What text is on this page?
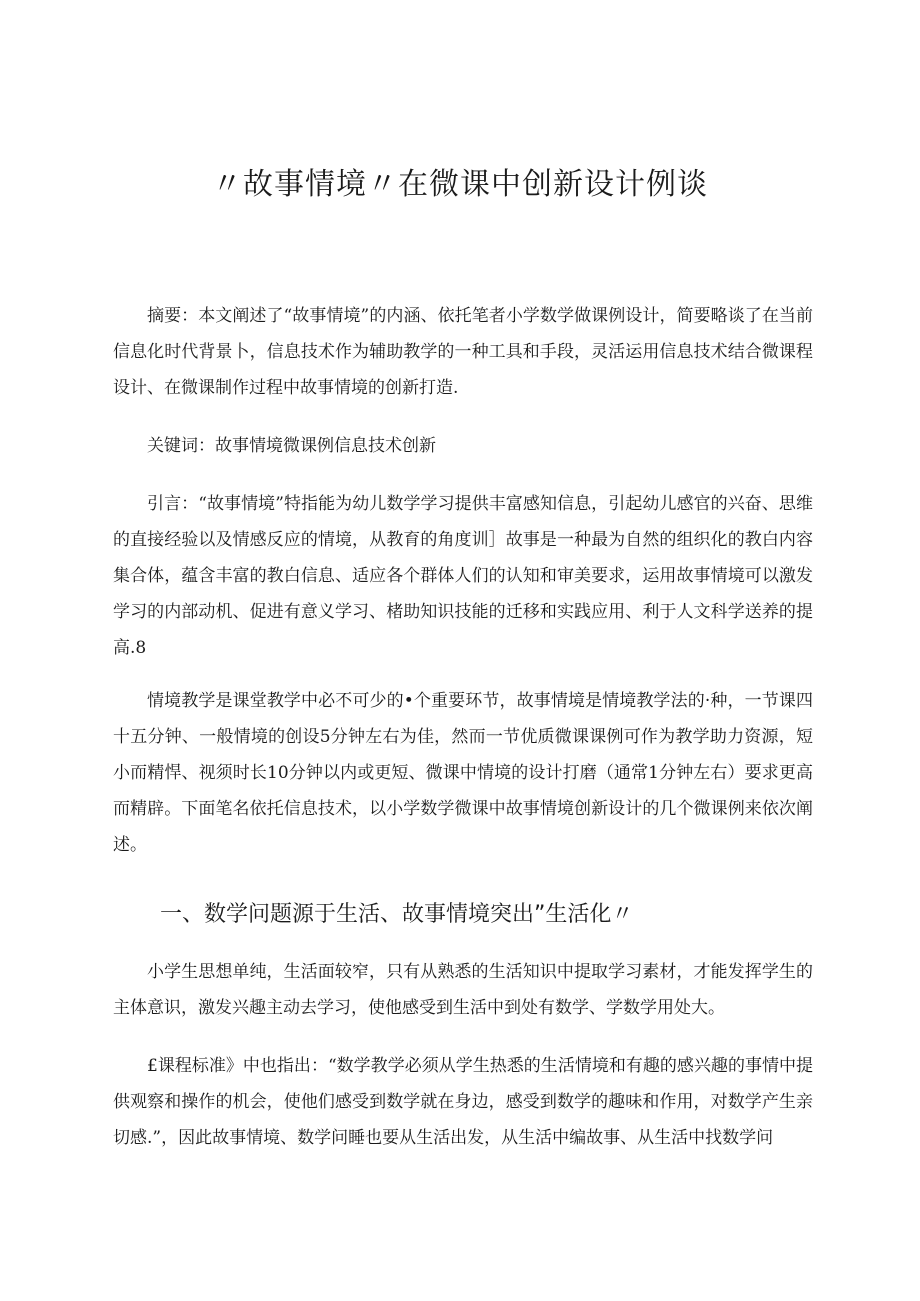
〃故事情境〃在微课中创新设计例谈
摘要：本文阐述了“故事情境”的内涵、依托笔者小学数学做课例设计，简要略谈了在当前信息化时代背景卜，信息技术作为辅助教学的一种工具和手段，灵活运用信息技术结合微课程设计、在微课制作过程中故事情境的创新打造.
关键词：故事情境微课例信息技术创新
引言：“故事情境”特指能为幼儿数学学习提供丰富感知信息，引起幼儿感官的兴奋、思维的直接经验以及情感反应的情境，从教育的角度训］故事是一种最为自然的组织化的教白内容集合体，蕴含丰富的教白信息、适应各个群体人们的认知和审美要求，运用故事情境可以激发学习的内部动机、促进有意义学习、楮助知识技能的迁移和实践应用、利于人文科学送养的提高.8
情境教学是课堂教学中必不可少的•个重要环节，故事情境是情境教学法的·种，一节课四十五分钟、一般情境的创设5分钟左右为佳，然而一节优质微课课例可作为教学助力资源，短小而精悍、视须时长10分钟以内或更短、微课中情境的设计打磨（通常1分钟左右）要求更高而精辟。下面笔名依托信息技术，以小学数学微课中故事情境创新设计的几个微课例来依次阐述。
一、数学问题源于生活、故事情境突出”生活化〃
小学生思想单纯，生活面较窄，只有从熟悉的生活知识中提取学习素材，才能发挥学生的主体意识，激发兴趣主动去学习，使他感受到生活中到处有数学、学数学用处大。
£课程标准》中也指出：“数学教学必须从学生热悉的生活情境和有趣的感兴趣的事情中提供观察和操作的机会，使他们感受到数学就在身边，感受到数学的趣味和作用，对数学产生亲切感.”，因此故事情境、数学问睡也要从生活出发，从生活中编故事、从生活中找数学问
